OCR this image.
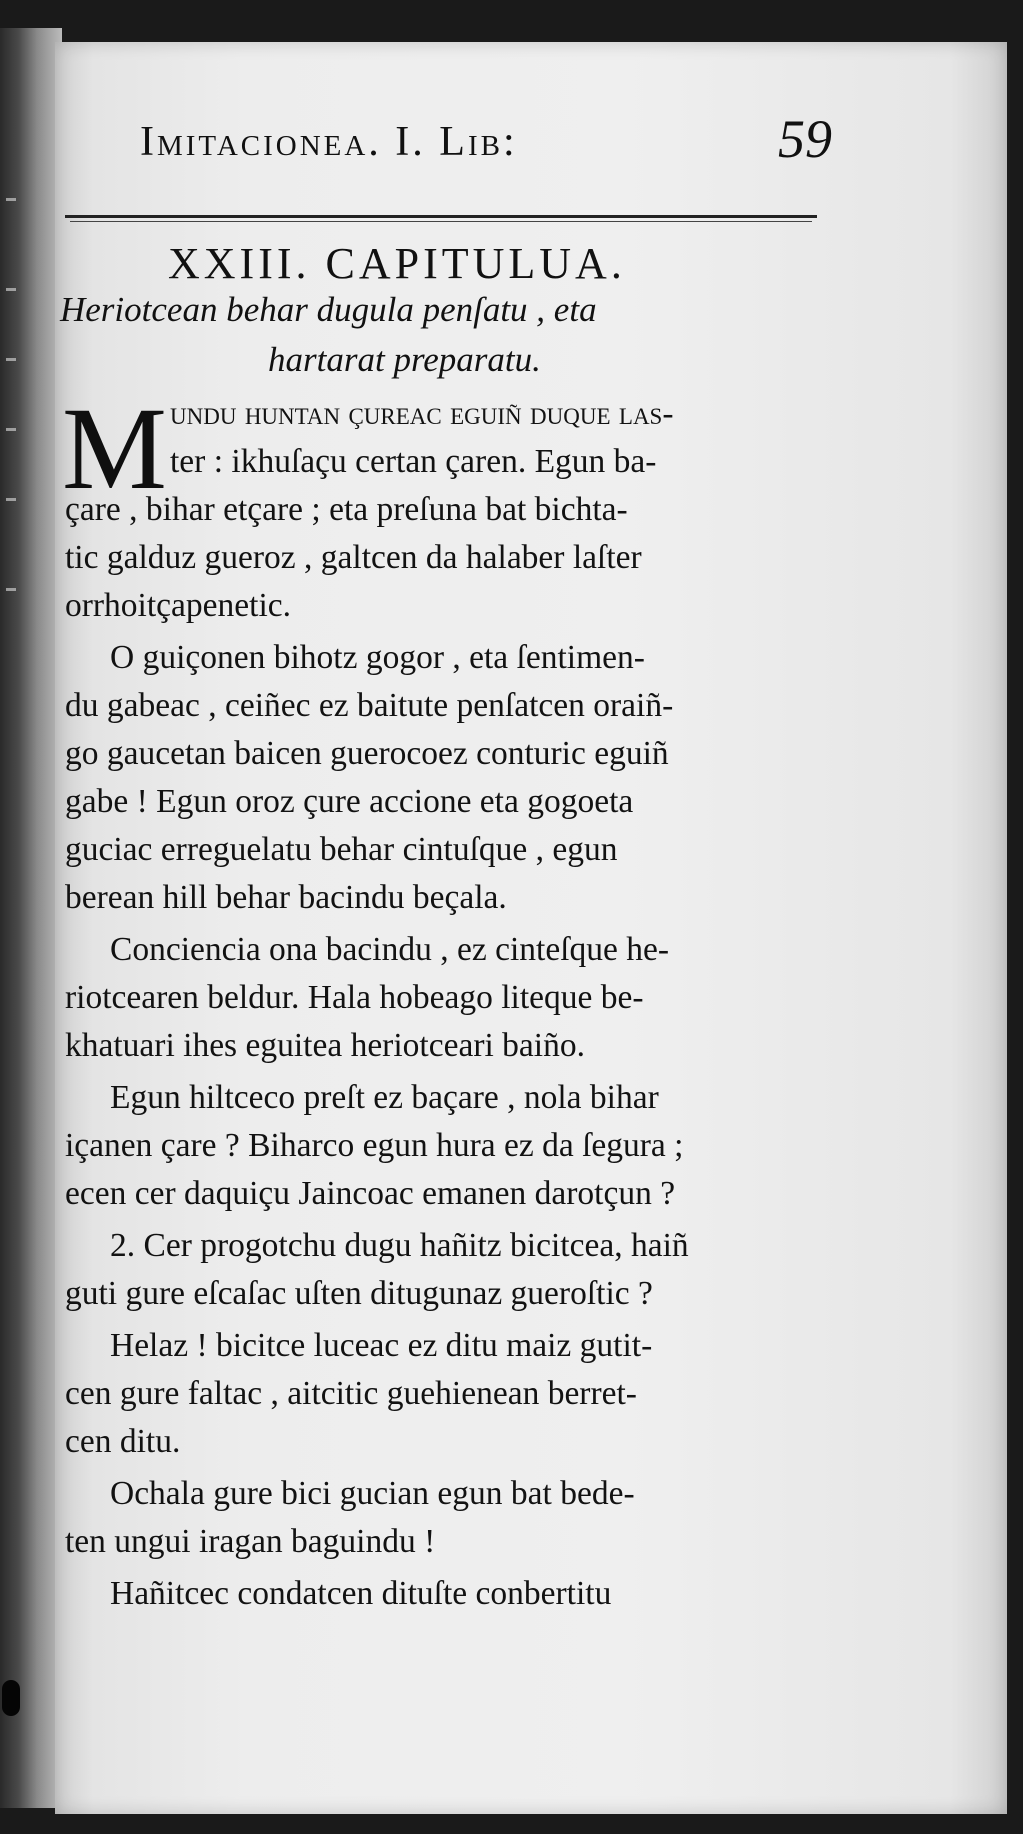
Imitacionea. I. Lib:	59
XXIII. CAPITULUA.
Heriotcean behar dugula penſatu , eta
hartarat preparatu.
M undu huntan çureac eguiñ duque laſ-
ter : ikhuſaçu certan çaren. Egun ba-
çare , bihar etçare ; eta preſuna bat bichta-
tic galduz gueroz , galtcen da halaber laſter
orrhoitçapenetic.
O guiçonen bihotz gogor , eta ſentimen-
du gabeac , ceiñec ez baitute penſatcen oraiñ-
go gaucetan baicen guerocoez conturic eguiñ
gabe ! Egun oroz çure accione eta gogoeta
guciac erreguelatu behar cintuſque , egun
berean hill behar bacindu beçala.
Conciencia ona bacindu , ez cinteſque he-
riotcearen beldur. Hala hobeago liteque be-
khatuari ihes eguitea heriotceari baiño.
Egun hiltceco preſt ez baçare , nola bihar
içanen çare ? Biharco egun hura ez da ſegura ;
ecen cer daquiçu Jaincoac emanen darotçun ?
2. Cer progotchu dugu hañitz bicitcea, haiñ
guti gure eſcaſac uſten ditugunaz gueroſtic ?
Helaz ! bicitce luceac ez ditu maiz gutit-
cen gure faltac , aitcitic guehienean berret-
cen ditu.
Ochala gure bici gucian egun bat bede-
ten ungui iragan baguindu !
Hañitcec condatcen dituſte conbertitu
